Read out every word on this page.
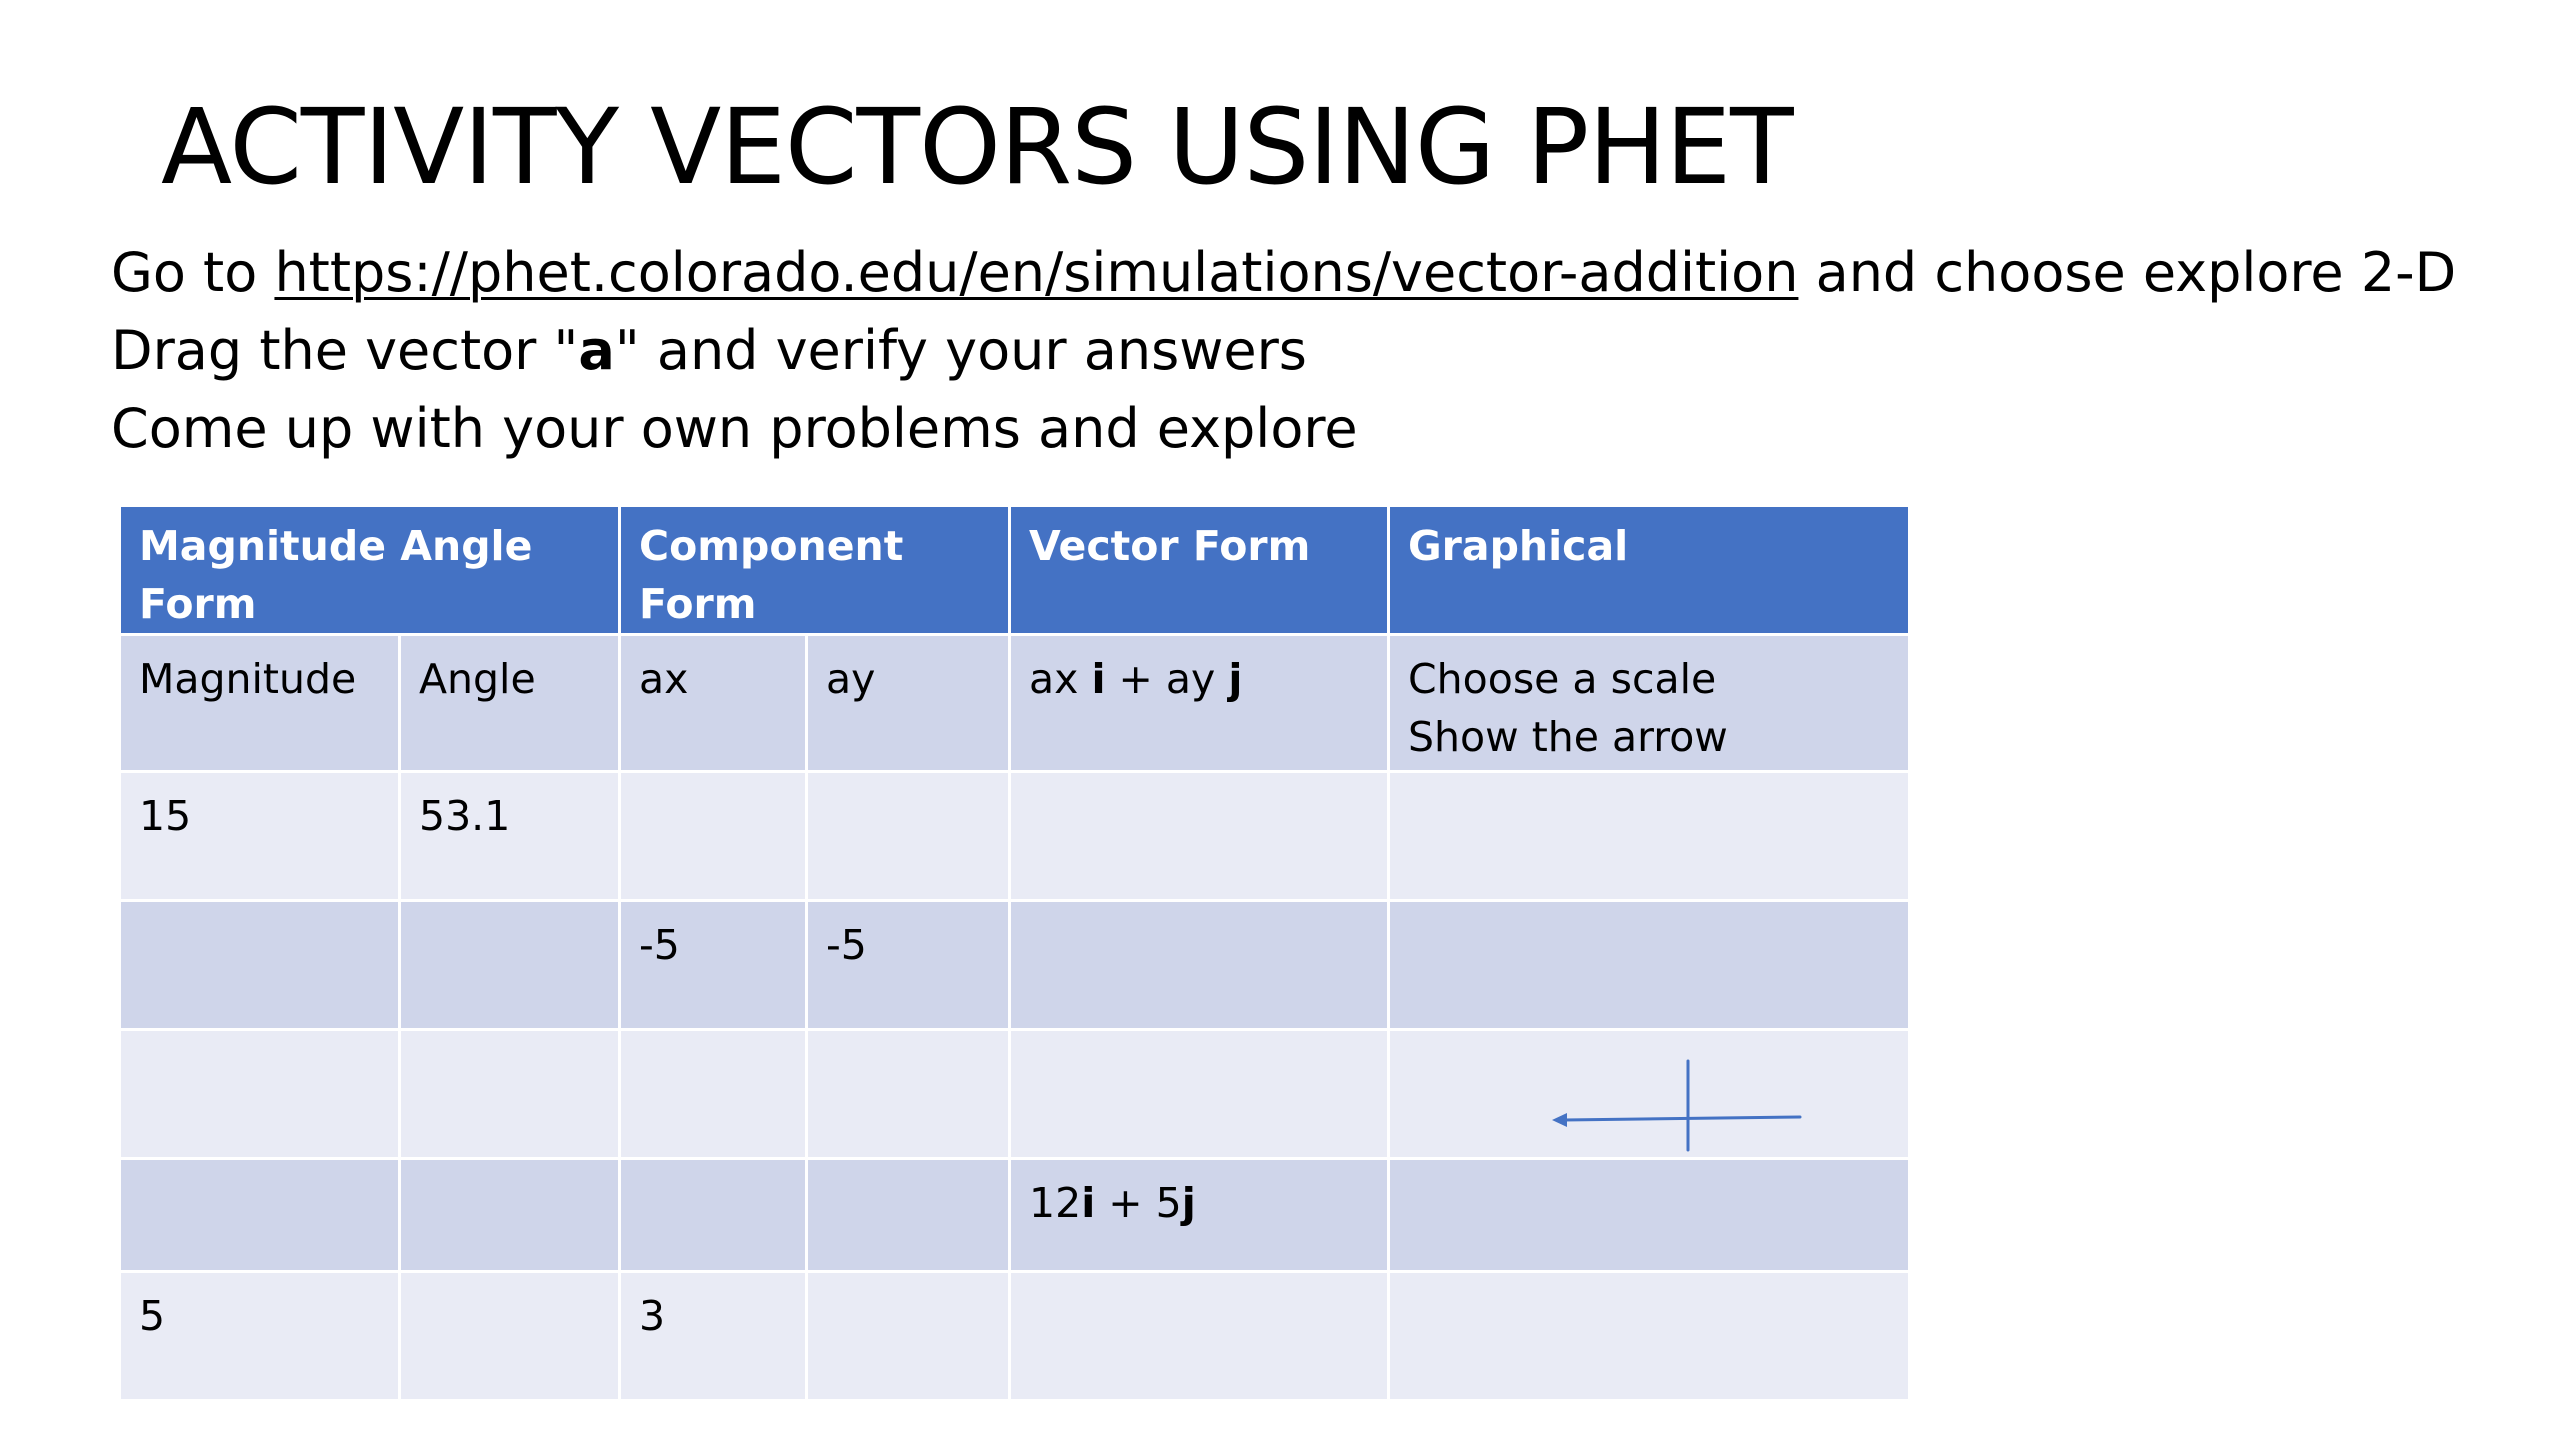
ACTIVITY VECTORS USING PHET
Go to https://phet.colorado.edu/en/simulations/vector-addition and choose explore 2-D
Drag the vector "a" and verify your answers
Come up with your own problems and explore
Magnitude Angle Form		Component Form		Vector Form	Graphical
Magnitude	Angle	ax	ay	ax i + ay j	Choose a scale
Show the arrow
15	53.1				
		-5	-5		

				12i + 5j	
5		3			
